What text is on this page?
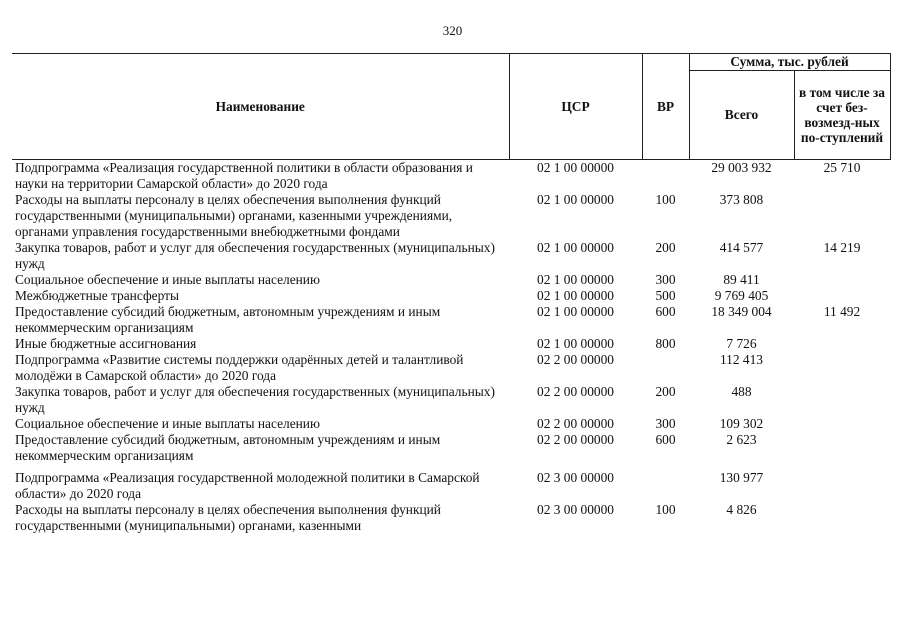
320
Наименование	ЦСР	ВР	Сумма, тыс. рублей	
			Всего	в том числе за счет без-возмезд-ных по-ступлений
Подпрограмма «Реализация государственной политики в области образования и науки на территории Самарской области» до 2020 года	02 1 00 00000		29 003 932	25 710
Расходы на выплаты персоналу в целях обеспечения выполнения функций государственными (муниципальными) органами, казенными учреждениями, органами управления государственными внебюджетными фондами	02 1 00 00000	100	373 808	
Закупка товаров, работ и услуг для обеспечения государственных (муниципальных) нужд	02 1 00 00000	200	414 577	14 219
Социальное обеспечение и иные выплаты населению	02 1 00 00000	300	89 411	
Межбюджетные трансферты	02 1 00 00000	500	9 769 405	
Предоставление субсидий бюджетным, автономным учреждениям и иным некоммерческим организациям	02 1 00 00000	600	18 349 004	11 492
Иные бюджетные ассигнования	02 1 00 00000	800	7 726	
Подпрограмма «Развитие системы поддержки одарённых детей и талантливой молодёжи в Самарской области» до 2020 года	02 2 00 00000		112 413	
Закупка товаров, работ и услуг для обеспечения государственных (муниципальных) нужд	02 2 00 00000	200	488	
Социальное обеспечение и иные выплаты населению	02 2 00 00000	300	109 302	
Предоставление субсидий бюджетным, автономным учреждениям и иным некоммерческим организациям	02 2 00 00000	600	2 623	
Подпрограмма «Реализация государственной молодежной политики в Самарской области» до 2020 года	02 3 00 00000		130 977	
Расходы на выплаты персоналу в целях обеспечения выполнения функций государственными (муниципальными) органами, казенными	02 3 00 00000	100	4 826	
